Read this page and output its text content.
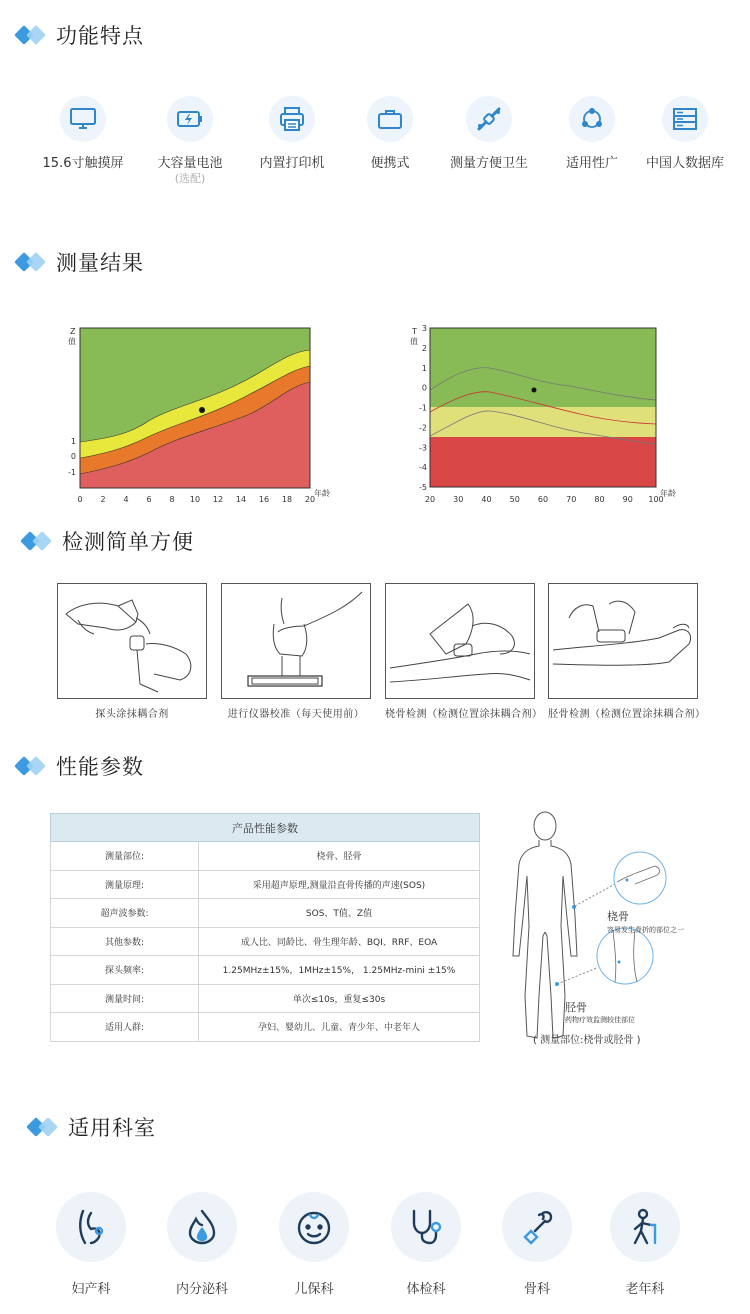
功能特点
15.6寸触摸屏	大容量电池
(选配)
内置打印机	便携式	测量方便卫生	适用性广	中国人数据库
测量结果
Z
值
1
0
-1
0 2 4 6 8 10 12 14 16 18 20
年龄
T
值
3
2
1
0
-1
-2
-3
-4
-5
20 30 40 50 60 70 80 90 100
年龄
检测简单方便
探头涂抹耦合剂	进行仪器校准（每天使用前）	桡骨检测（检测位置涂抹耦合剂） 胫骨检测（检测位置涂抹耦合剂）
性能参数
产品性能参数	
测量部位:	桡骨、胫骨
测量原理:	采用超声原理,测量沿直骨传播的声速(SOS)
超声波参数:	SOS、T值、Z值
其他参数:	成人比、同龄比、骨生理年龄、BQI、RRF、EOA
探头频率:	1.25MHz±15%，1MHz±15%， 1.25MHz-mini ±15%
测量时间:	单次≤10s，重复≤30s
适用人群:	孕妇、婴幼儿、儿童、青少年、中老年人
桡骨
容易发生骨折的部位之一
胫骨
药物疗效监测较佳部位
( 测量部位:桡骨或胫骨 )
适用科室
妇产科	内分泌科	儿保科	体检科	骨科	老年科
